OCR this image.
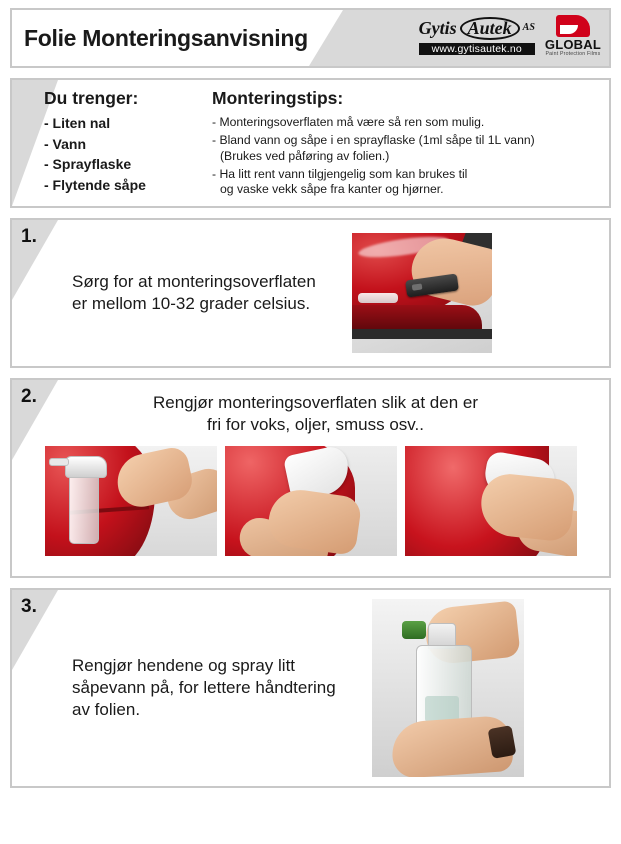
Folie Monteringsanvisning	Gytis Autek	AS
www.gytisautek.no	GLOBAL
Paint Protection Films
Du trenger:
- Liten nal
- Vann
- Sprayflaske
- Flytende såpe
Monteringstips:
- Monteringsoverflaten må være så ren som mulig.
- Bland vann og såpe i en sprayflaske (1ml såpe til 1L vann)
(Brukes ved påføring av folien.)
- Ha litt rent vann tilgjengelig som kan brukes til
og vaske vekk såpe fra kanter og hjørner.
1.
Sørg for at monteringsoverflaten
er mellom 10-32 grader celsius.
2.	Rengjør monteringsoverflaten slik at den er
fri for voks, oljer, smuss osv..
3.
Rengjør hendene og spray litt
såpevann på, for lettere håndtering
av folien.
